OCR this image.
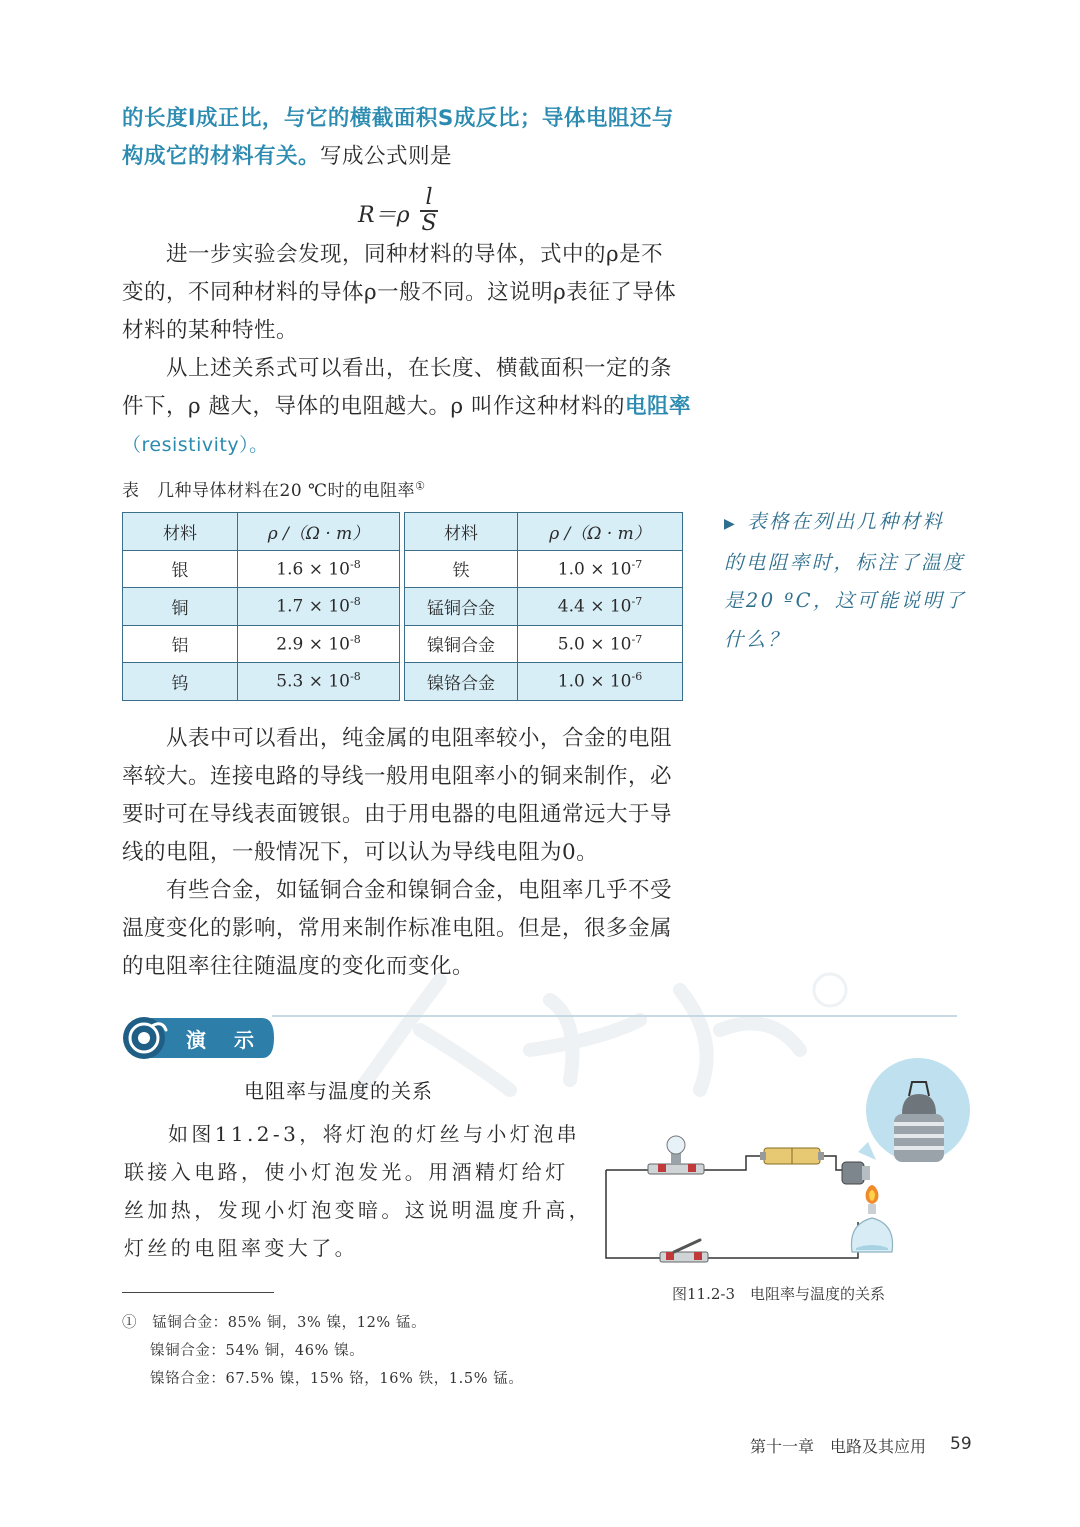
的长度l成正比，与它的横截面积S成反比；导体电阻还与
构成它的材料有关。写成公式则是
R＝ρ
l
S
进一步实验会发现，同种材料的导体，式中的ρ是不
变的，不同种材料的导体ρ一般不同。这说明ρ表征了导体
材料的某种特性。
从上述关系式可以看出，在长度、横截面积一定的条
件下，ρ 越大，导体的电阻越大。ρ 叫作这种材料的电阻率
（resistivity）。
表　几种导体材料在20 ℃时的电阻率①
材料	ρ /（Ω · m）
银	$1.6 \times 10^{-8}$
铜	$1.7 \times 10^{-8}$
铝	$2.9 \times 10^{-8}$
钨	$5.3 \times 10^{-8}$
材料	ρ /（Ω · m）
铁	$1.0 \times 10^{-7}$
锰铜合金	$4.4 \times 10^{-7}$
镍铜合金	$5.0 \times 10^{-7}$
镍铬合金	$1.0 \times 10^{-6}$
▶ 表格在列出几种材料
的电阻率时，标注了温度
是20 ºC，这可能说明了
什么？
从表中可以看出，纯金属的电阻率较小，合金的电阻
率较大。连接电路的导线一般用电阻率小的铜来制作，必
要时可在导线表面镀银。由于用电器的电阻通常远大于导
线的电阻，一般情况下，可以认为导线电阻为0。
有些合金，如锰铜合金和镍铜合金，电阻率几乎不受
温度变化的影响，常用来制作标准电阻。但是，很多金属
的电阻率往往随温度的变化而变化。
演　示
电阻率与温度的关系
如图11.2-3，将灯泡的灯丝与小灯泡串
联接入电路，使小灯泡发光。用酒精灯给灯
丝加热，发现小灯泡变暗。这说明温度升高，
灯丝的电阻率变大了。
图11.2-3　电阻率与温度的关系
①　锰铜合金：85% 铜，3% 镍，12% 锰。
镍铜合金：54% 铜，46% 镍。
镍铬合金：67.5% 镍，15% 铬，16% 铁，1.5% 锰。
第十一章　电路及其应用 59
